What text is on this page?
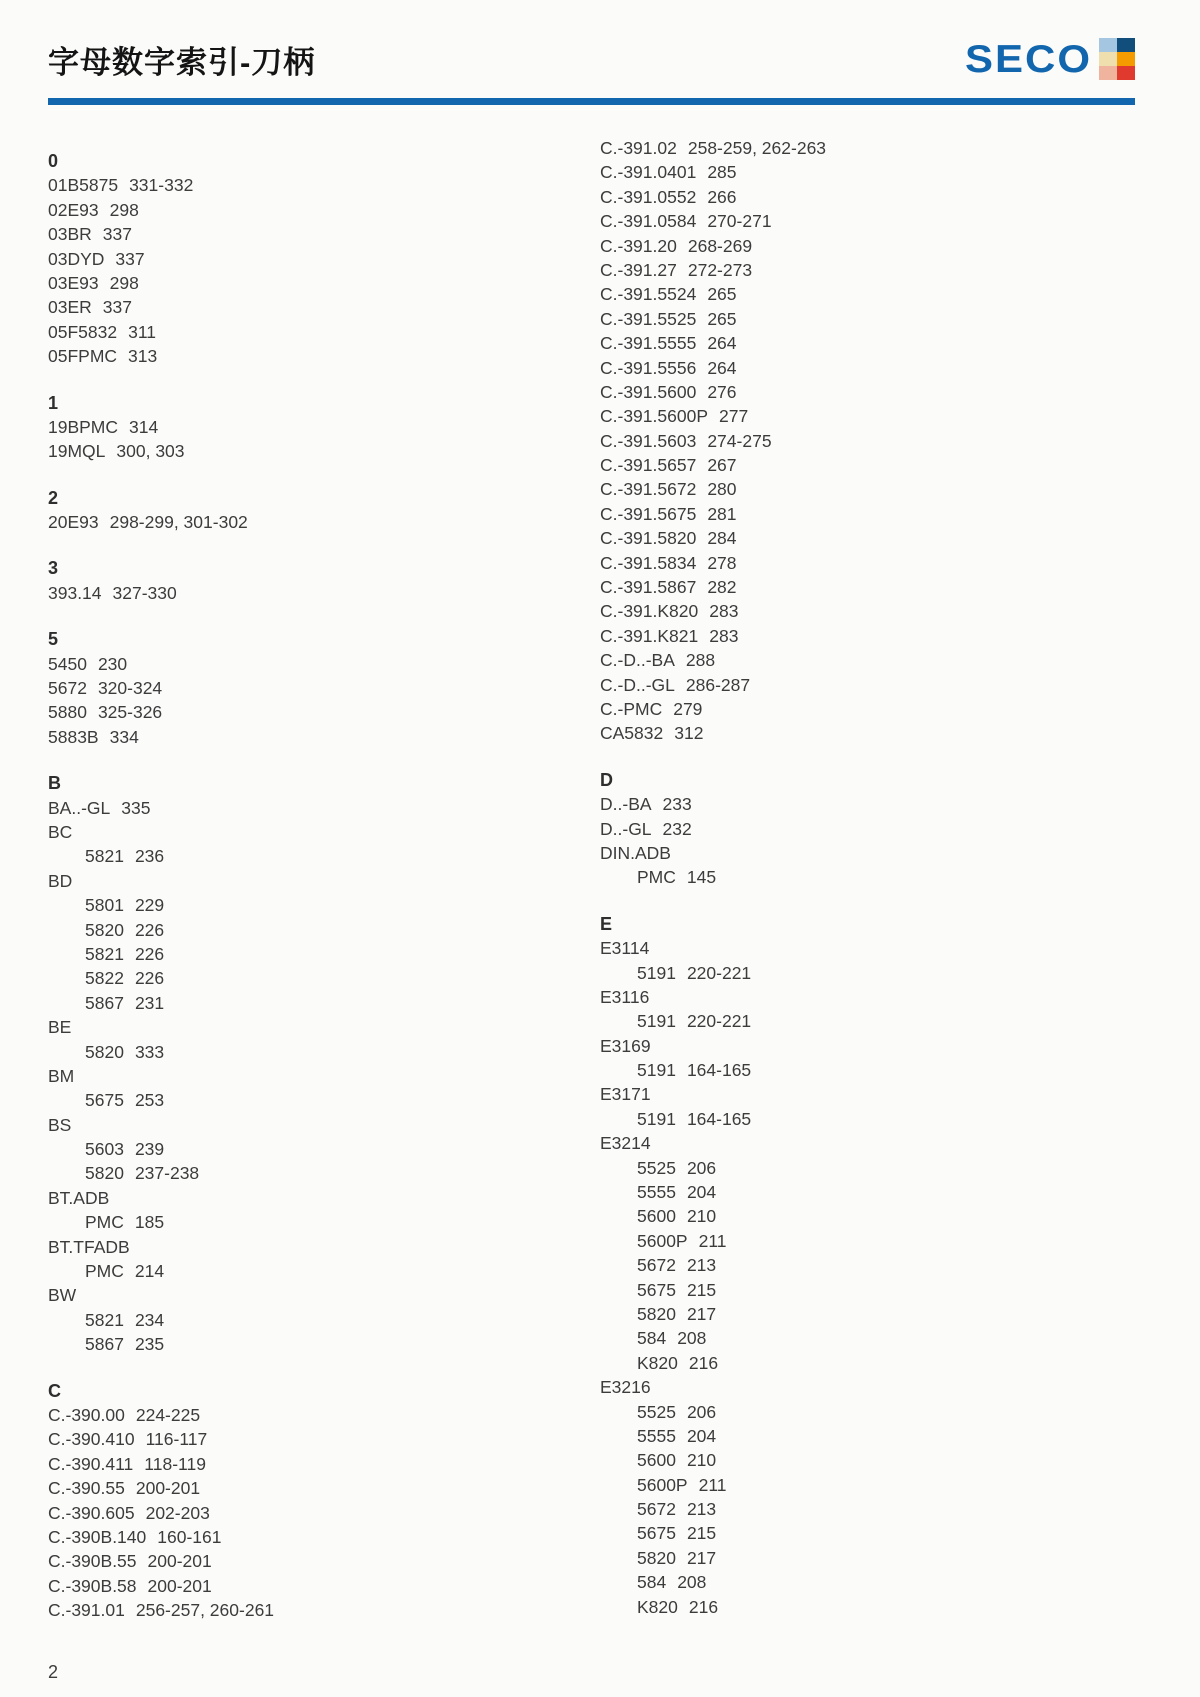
字母数字索引-刀柄	SECO
0
01B5875 331-332
02E93 298
03BR 337
03DYD 337
03E93 298
03ER 337
05F5832 311
05FPMC 313
1
19BPMC 314
19MQL 300, 303
2
20E93 298-299, 301-302
3
393.14 327-330
5
5450 230
5672 320-324
5880 325-326
5883B 334
B
BA..-GL 335
BC
5821 236
BD
5801 229
5820 226
5821 226
5822 226
5867 231
BE
5820 333
BM
5675 253
BS
5603 239
5820 237-238
BT.ADB
PMC 185
BT.TFADB
PMC 214
BW
5821 234
5867 235
C
C.-390.00 224-225
C.-390.410 116-117
C.-390.411 118-119
C.-390.55 200-201
C.-390.605 202-203
C.-390B.140 160-161
C.-390B.55 200-201
C.-390B.58 200-201
C.-391.01 256-257, 260-261
C.-391.02 258-259, 262-263
C.-391.0401 285
C.-391.0552 266
C.-391.0584 270-271
C.-391.20 268-269
C.-391.27 272-273
C.-391.5524 265
C.-391.5525 265
C.-391.5555 264
C.-391.5556 264
C.-391.5600 276
C.-391.5600P 277
C.-391.5603 274-275
C.-391.5657 267
C.-391.5672 280
C.-391.5675 281
C.-391.5820 284
C.-391.5834 278
C.-391.5867 282
C.-391.K820 283
C.-391.K821 283
C.-D..-BA 288
C.-D..-GL 286-287
C.-PMC 279
CA5832 312
D
D..-BA 233
D..-GL 232
DIN.ADB
PMC 145
E
E3114
5191 220-221
E3116
5191 220-221
E3169
5191 164-165
E3171
5191 164-165
E3214
5525 206
5555 204
5600 210
5600P 211
5672 213
5675 215
5820 217
584 208
K820 216
E3216
5525 206
5555 204
5600 210
5600P 211
5672 213
5675 215
5820 217
584 208
K820 216
2
